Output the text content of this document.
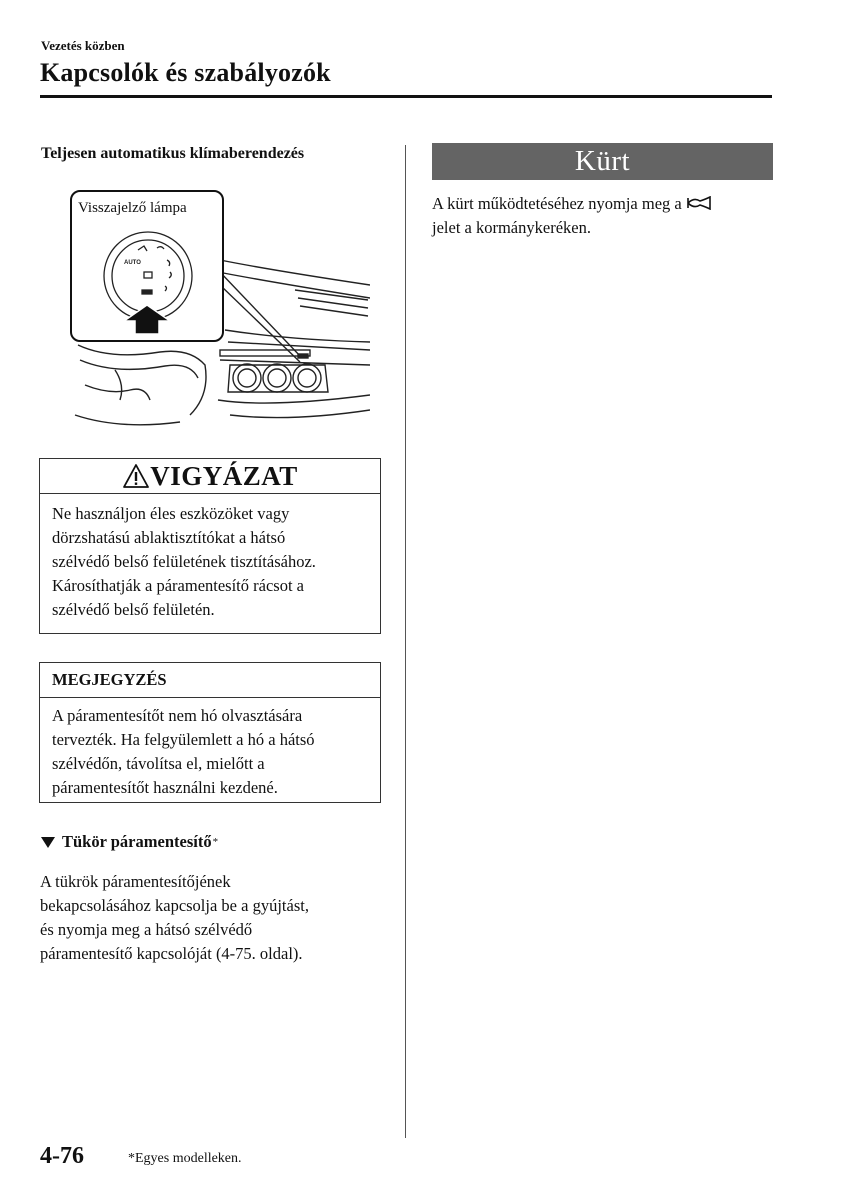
Vezetés közben
Kapcsolók és szabályozók
Teljesen automatikus klímaberendezés
AUTO
Visszajelző lámpa
VIGYÁZAT
Ne használjon éles eszközöket vagy
dörzshatású ablaktisztítókat a hátsó
szélvédő belső felületének tisztításához.
Károsíthatják a páramentesítő rácsot a
szélvédő belső felületén.
MEGJEGYZÉS
A páramentesítőt nem hó olvasztására
tervezték. Ha felgyülemlett a hó a hátsó
szélvédőn, távolítsa el, mielőtt a
páramentesítőt használni kezdené.
Tükör páramentesítő *
A tükrök páramentesítőjének
bekapcsolásához kapcsolja be a gyújtást,
és nyomja meg a hátsó szélvédő
páramentesítő kapcsolóját (4-75. oldal).
Kürt
A kürt működtetéséhez nyomja meg a
jelet a kormánykeréken.
4-76	*Egyes modelleken.
